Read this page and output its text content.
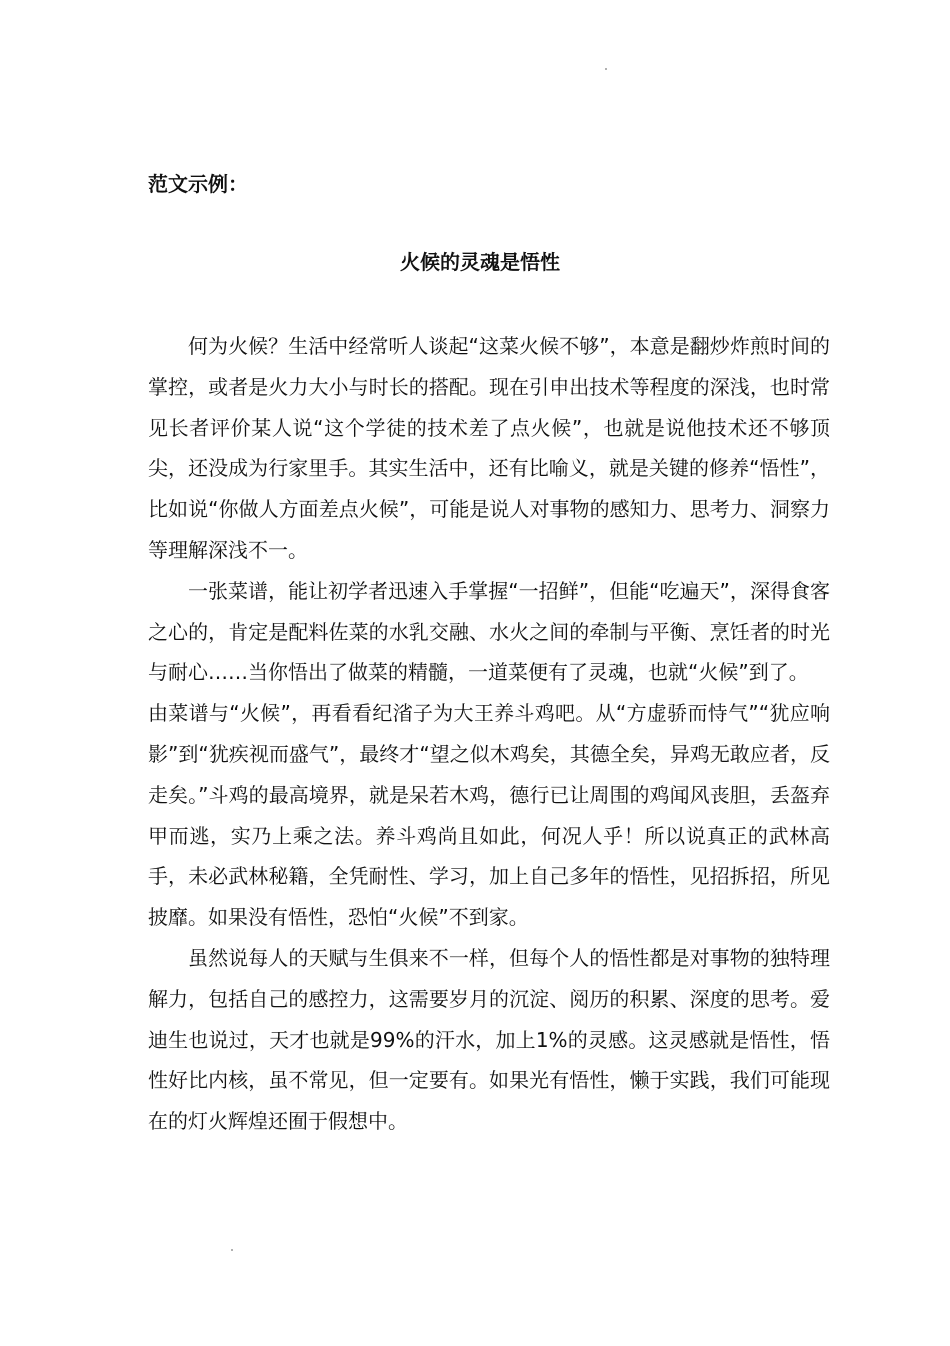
范文示例：
火候的灵魂是悟性

何为火候？生活中经常听人谈起“这菜火候不够”，本意是翻炒炸煎时间的掌控，或者是火力大小与时长的搭配。现在引申出技术等程度的深浅，也时常见长者评价某人说“这个学徒的技术差了点火候”，也就是说他技术还不够顶尖，还没成为行家里手。其实生活中，还有比喻义，就是关键的修养“悟性”，比如说“你做人方面差点火候”，可能是说人对事物的感知力、思考力、洞察力等理解深浅不一。

一张菜谱，能让初学者迅速入手掌握“一招鲜”，但能“吃遍天”，深得食客之心的，肯定是配料佐菜的水乳交融、水火之间的牵制与平衡、烹饪者的时光与耐心……当你悟出了做菜的精髓，一道菜便有了灵魂，也就“火候”到了。

由菜谱与“火候”，再看看纪渻子为大王养斗鸡吧。从“方虚骄而恃气”“犹应响影”到“犹疾视而盛气”，最终才“望之似木鸡矣，其德全矣，异鸡无敢应者，反走矣。”斗鸡的最高境界，就是呆若木鸡，德行已让周围的鸡闻风丧胆，丢盔弃甲而逃，实乃上乘之法。养斗鸡尚且如此，何况人乎！所以说真正的武林高手，未必武林秘籍，全凭耐性、学习，加上自己多年的悟性，见招拆招，所见披靡。如果没有悟性，恐怕“火候”不到家。

虽然说每人的天赋与生俱来不一样，但每个人的悟性都是对事物的独特理解力，包括自己的感控力，这需要岁月的沉淀、阅历的积累、深度的思考。爱迪生也说过，天才也就是99%的汗水，加上1%的灵感。这灵感就是悟性，悟性好比内核，虽不常见，但一定要有。如果光有悟性，懒于实践，我们可能现在的灯火辉煌还囿于假想中。
